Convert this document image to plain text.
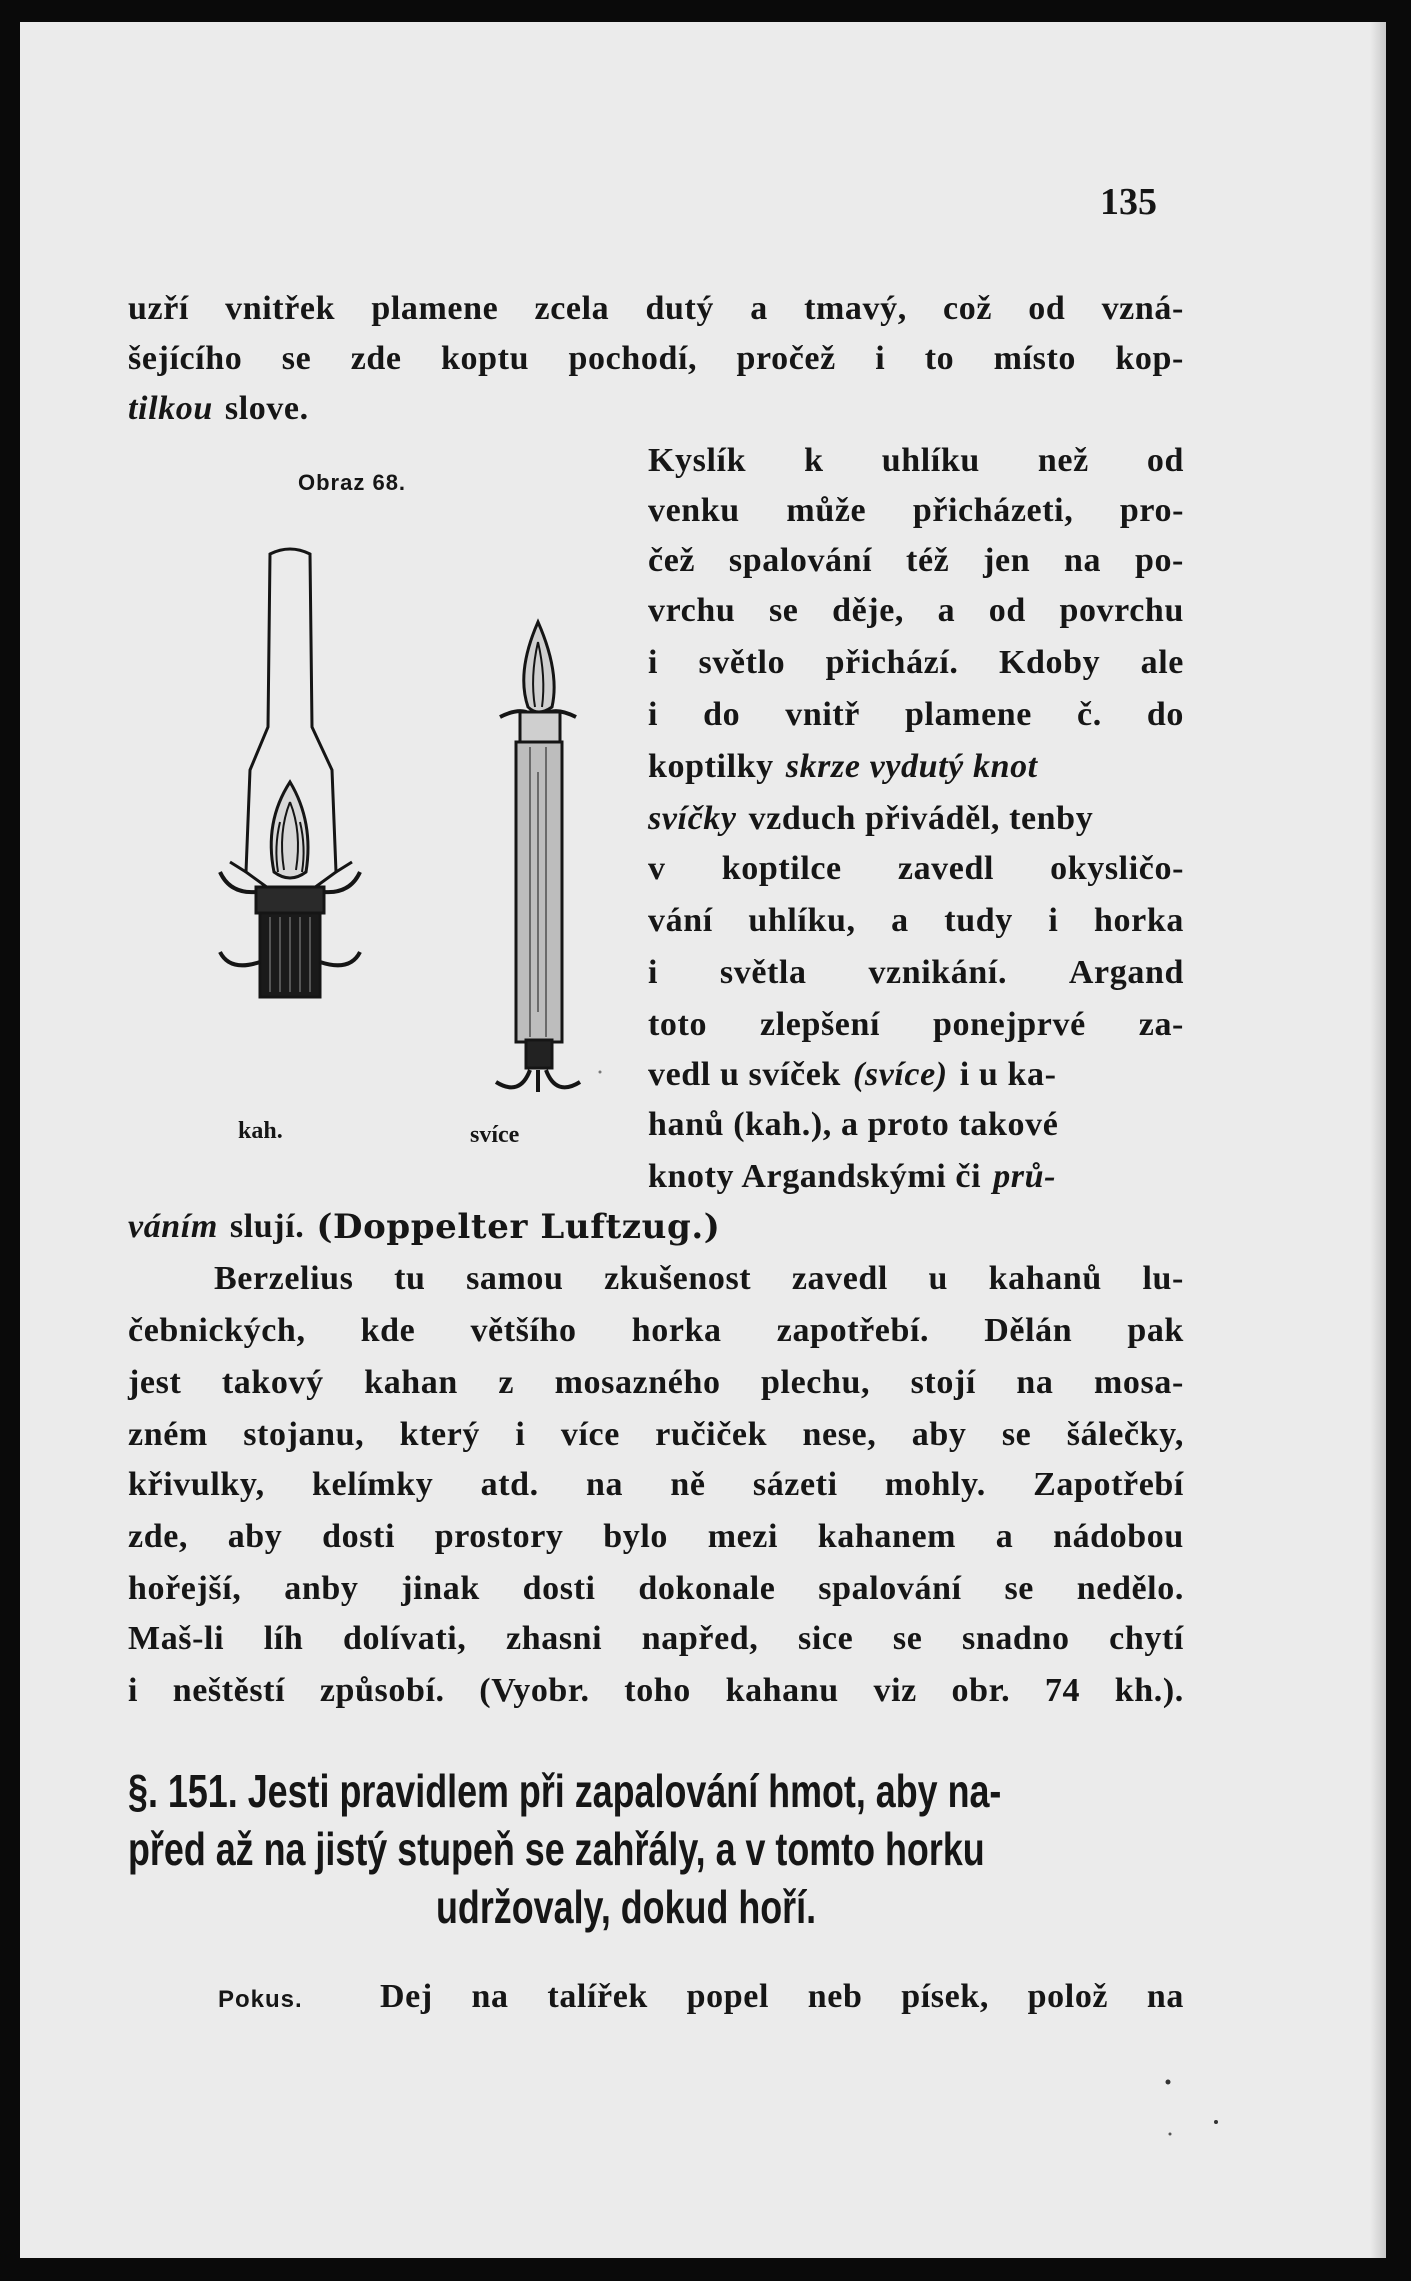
135
uzří vnitřek plamene zcela dutý a tmavý, což od vzná-
šejícího se zde koptu pochodí, pročež i to místo kop-
tilkou slove.
Obraz 68.
kah.	svíce
Kyslík k uhlíku než od
venku může přicházeti, pro-
čež spalování též jen na po-
vrchu se děje, a od povrchu
i světlo přichází. Kdoby ale
i do vnitř plamene č. do
koptilky skrze vydutý knot
svíčky vzduch přiváděl, tenby
v koptilce zavedl okysličo-
vání uhlíku, a tudy i horka
i světla vznikání. Argand
toto zlepšení ponejprvé za-
vedl u svíček (svíce) i u ka-
hanů (kah.), a proto takové
knoty Argandskými či prů-
váním slují. (Doppelter Luftzug.)
Berzelius tu samou zkušenost zavedl u kahanů lu-
čebnických, kde většího horka zapotřebí. Dělán pak
jest takový kahan z mosazného plechu, stojí na mosa-
zném stojanu, který i více ručiček nese, aby se šálečky,
křivulky, kelímky atd. na ně sázeti mohly. Zapotřebí
zde, aby dosti prostory bylo mezi kahanem a nádobou
hořejší, anby jinak dosti dokonale spalování se nedělo.
Maš-li líh dolívati, zhasni napřed, sice se snadno chytí
i neštěstí způsobí. (Vyobr. toho kahanu viz obr. 74 kh.).
§. 151. Jesti pravidlem při zapalování hmot, aby na-
před až na jistý stupeň se zahřály, a v tomto horku
udržovaly, dokud hoří.
Pokus. Dej na talířek popel neb písek, polož na
